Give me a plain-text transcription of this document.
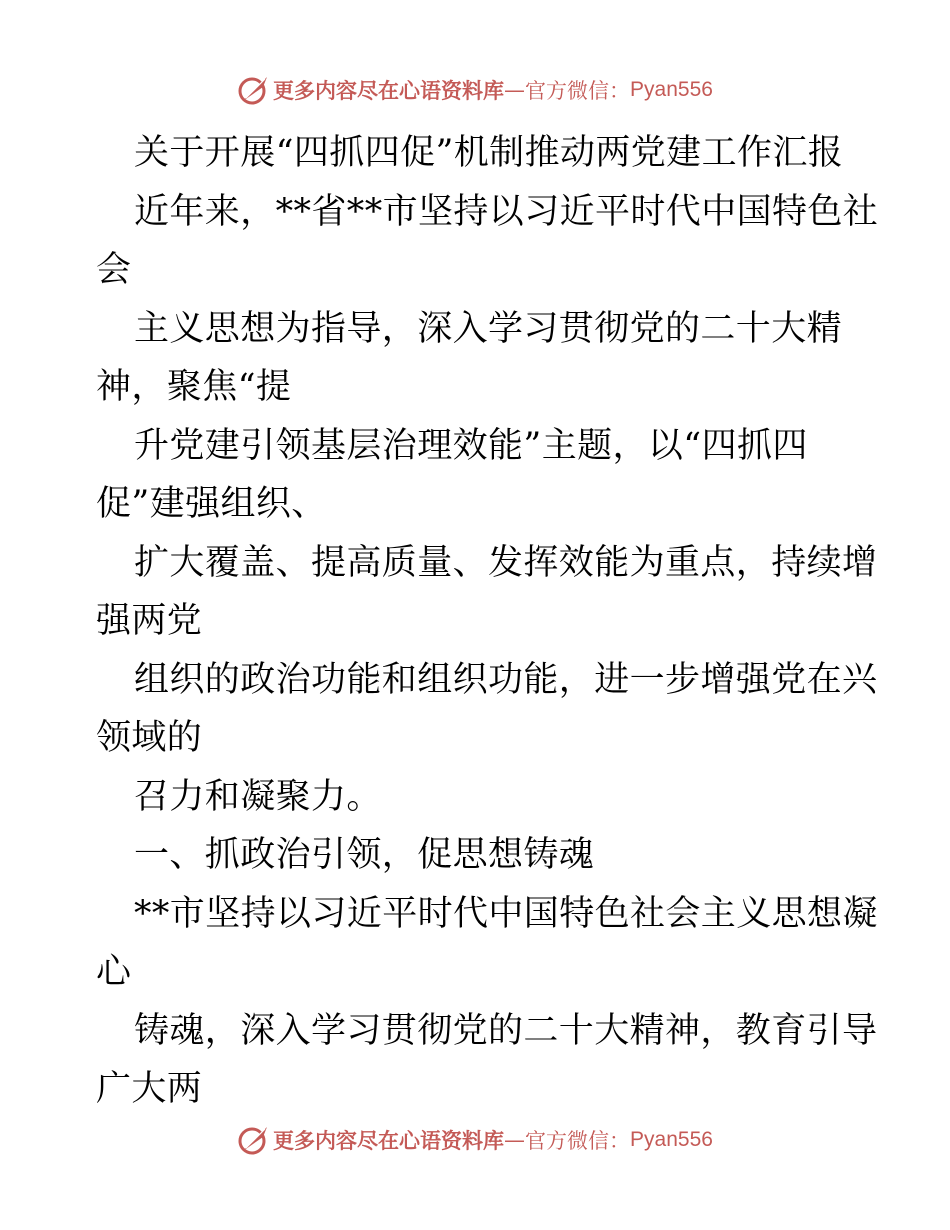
更多内容尽在心语资料库 — 官方微信： Pyan556
关于开展“四抓四促”机制推动两党建工作汇报
近年来，**省**市坚持以习近平时代中国特色社
会
主义思想为指导，深入学习贯彻党的二十大精
神，聚焦“提
升党建引领基层治理效能”主题，以“四抓四
促”建强组织、
扩大覆盖、提高质量、发挥效能为重点，持续增
强两党
组织的政治功能和组织功能，进一步增强党在兴
领域的
召力和凝聚力。
一、抓政治引领，促思想铸魂
**市坚持以习近平时代中国特色社会主义思想凝
心
铸魂，深入学习贯彻党的二十大精神，教育引导
广大两
更多内容尽在心语资料库 — 官方微信： Pyan556
